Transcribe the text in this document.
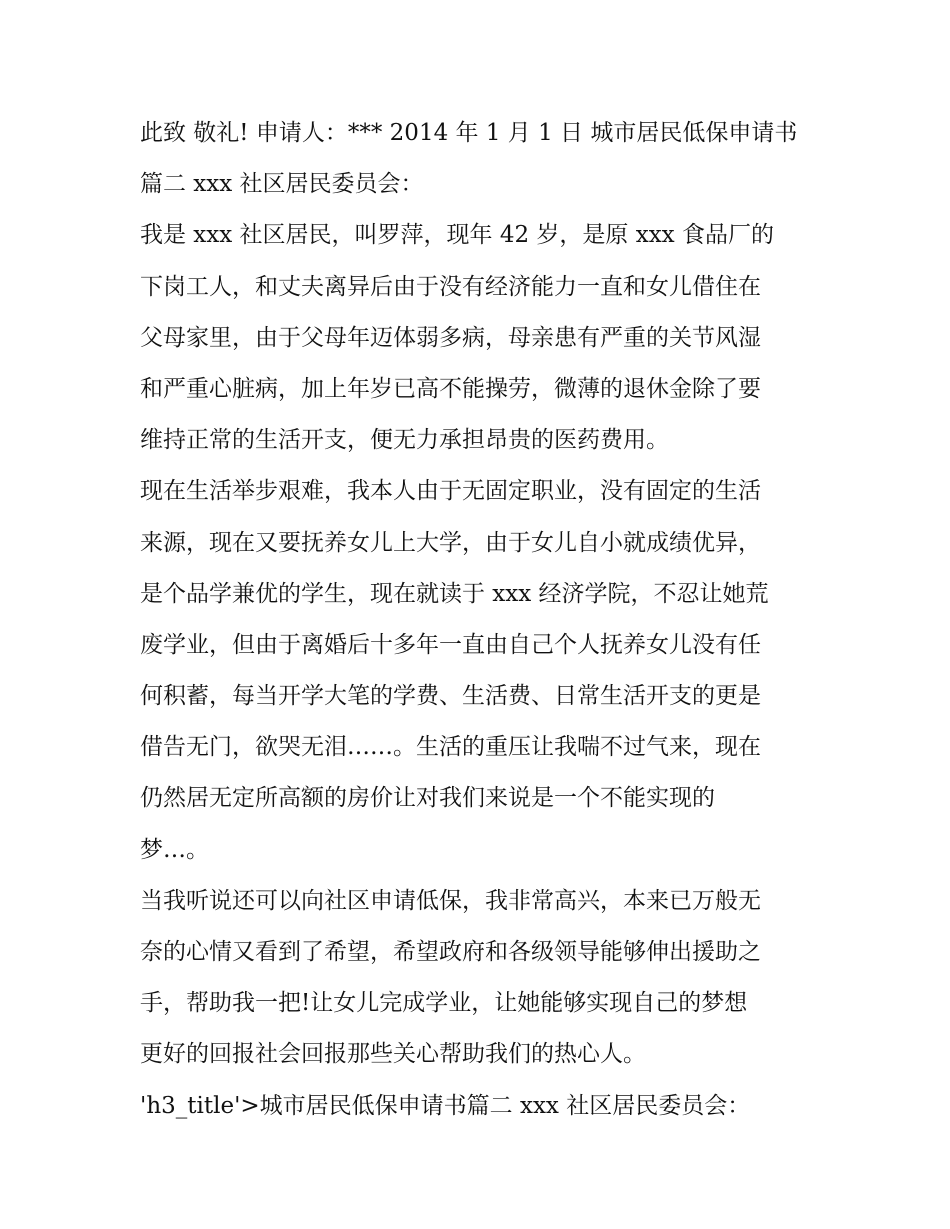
此致 敬礼! 申请人：*** 2014 年 1 月 1 日 城市居民低保申请书
篇二 xxx 社区居民委员会：
我是 xxx 社区居民，叫罗萍，现年 42 岁，是原 xxx 食品厂的
下岗工人，和丈夫离异后由于没有经济能力一直和女儿借住在
父母家里，由于父母年迈体弱多病，母亲患有严重的关节风湿
和严重心脏病，加上年岁已高不能操劳，微薄的退休金除了要
维持正常的生活开支，便无力承担昂贵的医药费用。
现在生活举步艰难，我本人由于无固定职业，没有固定的生活
来源，现在又要抚养女儿上大学，由于女儿自小就成绩优异，
是个品学兼优的学生，现在就读于 xxx 经济学院，不忍让她荒
废学业，但由于离婚后十多年一直由自己个人抚养女儿没有任
何积蓄，每当开学大笔的学费、生活费、日常生活开支的更是
借告无门，欲哭无泪……。生活的重压让我喘不过气来，现在
仍然居无定所高额的房价让对我们来说是一个不能实现的
梦…。
当我听说还可以向社区申请低保，我非常高兴，本来已万般无
奈的心情又看到了希望，希望政府和各级领导能够伸出援助之
手，帮助我一把!让女儿完成学业，让她能够实现自己的梦想
更好的回报社会回报那些关心帮助我们的热心人。
'h3_title'>城市居民低保申请书篇二 xxx 社区居民委员会：
